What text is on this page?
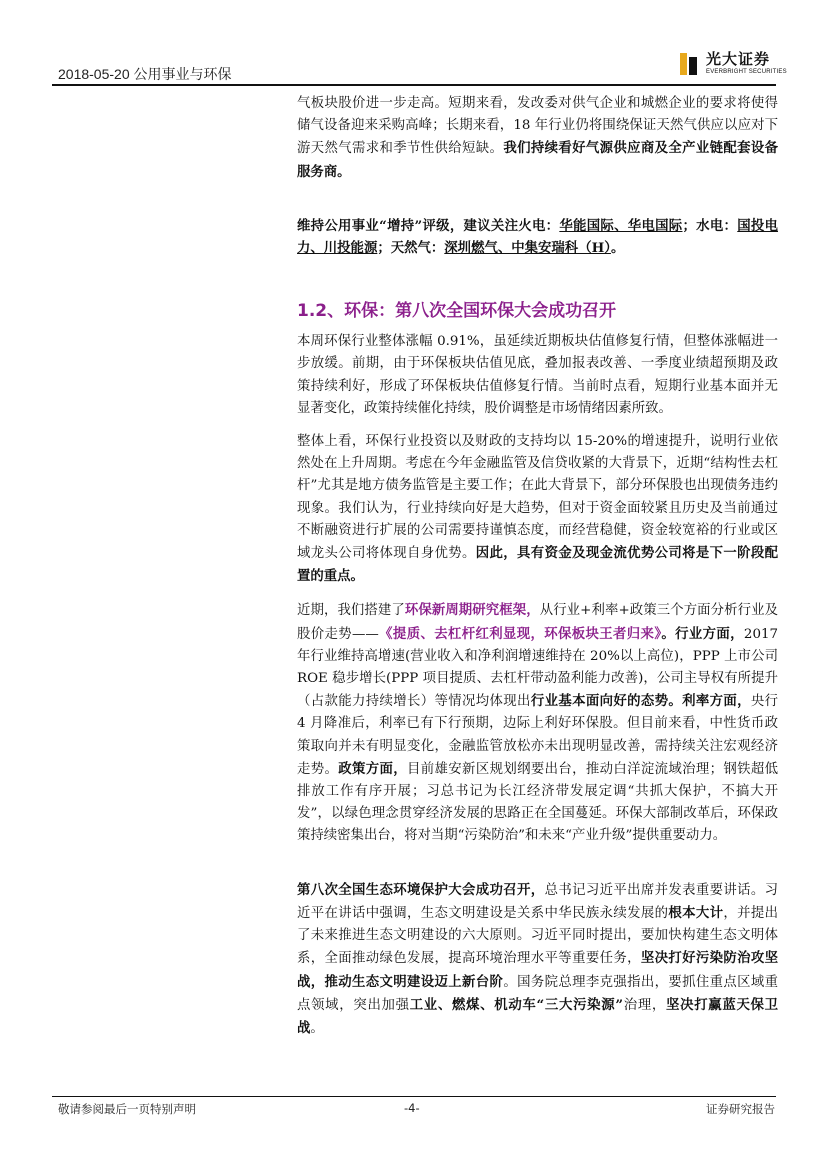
2018-05-20 公用事业与环保
光大证券
EVERBRIGHT SECURITIES
1.2、环保：第八次全国环保大会成功召开

气板块股价进一步走高。短期来看，发改委对供气企业和城燃企业的要求将使得储气设备迎来采购高峰；长期来看，18 年行业仍将围绕保证天然气供应以应对下游天然气需求和季节性供给短缺。我们持续看好气源供应商及全产业链配套设备服务商。

维持公用事业“增持”评级，建议关注火电：华能国际、华电国际；水电：国投电力、川投能源；天然气：深圳燃气、中集安瑞科（H）。

本周环保行业整体涨幅 0.91%，虽延续近期板块估值修复行情，但整体涨幅进一步放缓。前期，由于环保板块估值见底，叠加报表改善、一季度业绩超预期及政策持续利好，形成了环保板块估值修复行情。当前时点看，短期行业基本面并无显著变化，政策持续催化持续，股价调整是市场情绪因素所致。

整体上看，环保行业投资以及财政的支持均以 15-20%的增速提升，说明行业依然处在上升周期。考虑在今年金融监管及信贷收紧的大背景下，近期“结构性去杠杆”尤其是地方债务监管是主要工作；在此大背景下，部分环保股也出现债务违约现象。我们认为，行业持续向好是大趋势，但对于资金面较紧且历史及当前通过不断融资进行扩展的公司需要持谨慎态度，而经营稳健，资金较宽裕的行业或区域龙头公司将体现自身优势。因此，具有资金及现金流优势公司将是下一阶段配置的重点。

近期，我们搭建了环保新周期研究框架，从行业+利率+政策三个方面分析行业及股价走势——《提质、去杠杆红利显现，环保板块王者归来》。行业方面，2017 年行业维持高增速(营业收入和净利润增速维持在 20%以上高位)，PPP 上市公司 ROE 稳步增长(PPP 项目提质、去杠杆带动盈利能力改善)，公司主导权有所提升（占款能力持续增长）等情况均体现出行业基本面向好的态势。利率方面，央行 4 月降准后，利率已有下行预期，边际上利好环保股。但目前来看，中性货币政策取向并未有明显变化，金融监管放松亦未出现明显改善，需持续关注宏观经济走势。政策方面，目前雄安新区规划纲要出台，推动白洋淀流域治理；钢铁超低排放工作有序开展；习总书记为长江经济带发展定调“共抓大保护，不搞大开发”，以绿色理念贯穿经济发展的思路正在全国蔓延。环保大部制改革后，环保政策持续密集出台，将对当期“污染防治”和未来“产业升级”提供重要动力。

第八次全国生态环境保护大会成功召开，总书记习近平出席并发表重要讲话。习近平在讲话中强调，生态文明建设是关系中华民族永续发展的根本大计，并提出了未来推进生态文明建设的六大原则。习近平同时提出，要加快构建生态文明体系，全面推动绿色发展，提高环境治理水平等重要任务，坚决打好污染防治攻坚战，推动生态文明建设迈上新台阶。国务院总理李克强指出，要抓住重点区域重点领域，突出加强工业、燃煤、机动车“三大污染源”治理，坚决打赢蓝天保卫战。

敬请参阅最后一页特别声明	-4-	证券研究报告
